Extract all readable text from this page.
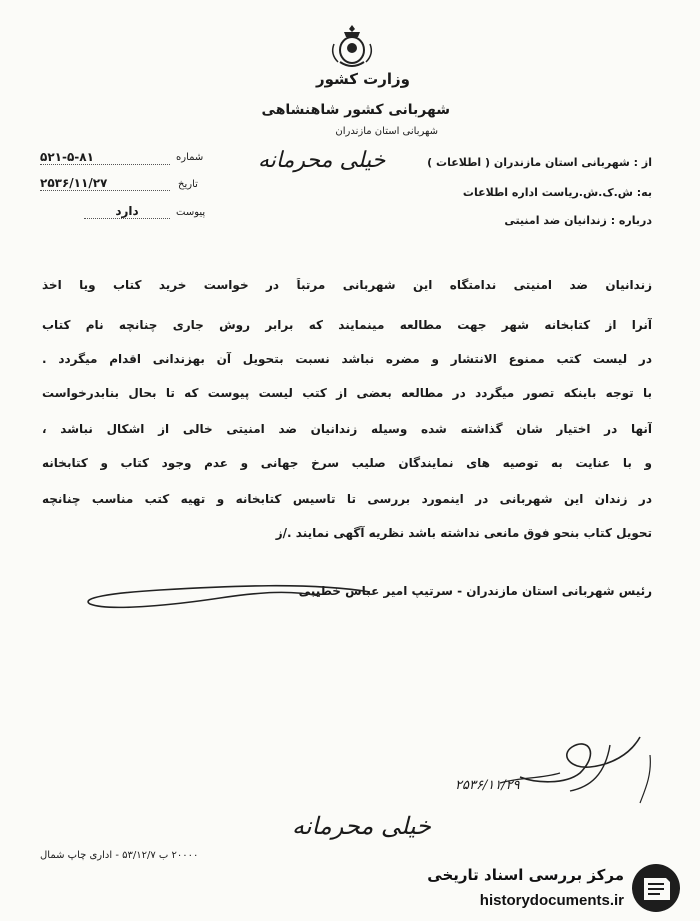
وزارت کشور
شهربانی کشور شاهنشاهی
شهربانی استان مازندران
شماره
۵۲۱-۵-۸۱
تاریخ
۲۵۳۶/۱۱/۲۷
پیوست
دارد
از : شهربانی استان مازندران ( اطلاعات )
به: ش.ک.ش.ریاست اداره اطلاعات
درباره : زندانیان ضد امنیتی
خیلی محرمانه
زندانیان ضد امنیتی ندامتگاه این شهربانی مرتباً در خواست خرید کتاب ویا اخذ
آنرا از کتابخانه شهر جهت مطالعه مینمایند که برابر روش جاری چنانچه نام کتاب
در لیست کتب ممنوع الانتشار و مضره نباشد نسبت بتحویل آن بهزندانی اقدام میگردد .
با توجه باینکه تصور میگردد در مطالعه بعضی از کتب لیست پیوست که تا بحال بنابدرخواست
آنها در اختیار شان گذاشته شده وسیله زندانیان ضد امنیتی خالی از اشکال نباشد ،
و با عنایت به توصیه های نمایندگان صلیب سرخ جهانی و عدم وجود کتاب و کتابخانه
در زندان این شهربانی در اینمورد بررسی تا تاسیس کتابخانه و تهیه کتب مناسب چنانچه
تحویل کتاب بنحو فوق مانعی نداشته باشد نظریه آگهی نمایند ./ز
رئیس شهربانی استان مازندران - سرتیپ امیر عباس خطیبی
۲۵۳۶/۱۱/۲۹
خیلی محرمانه
۲۰۰۰۰ ب ۵۳/۱۲/۷ - اداری چاپ شمال
مرکز بررسی اسناد تاریخی
historydocuments.ir
